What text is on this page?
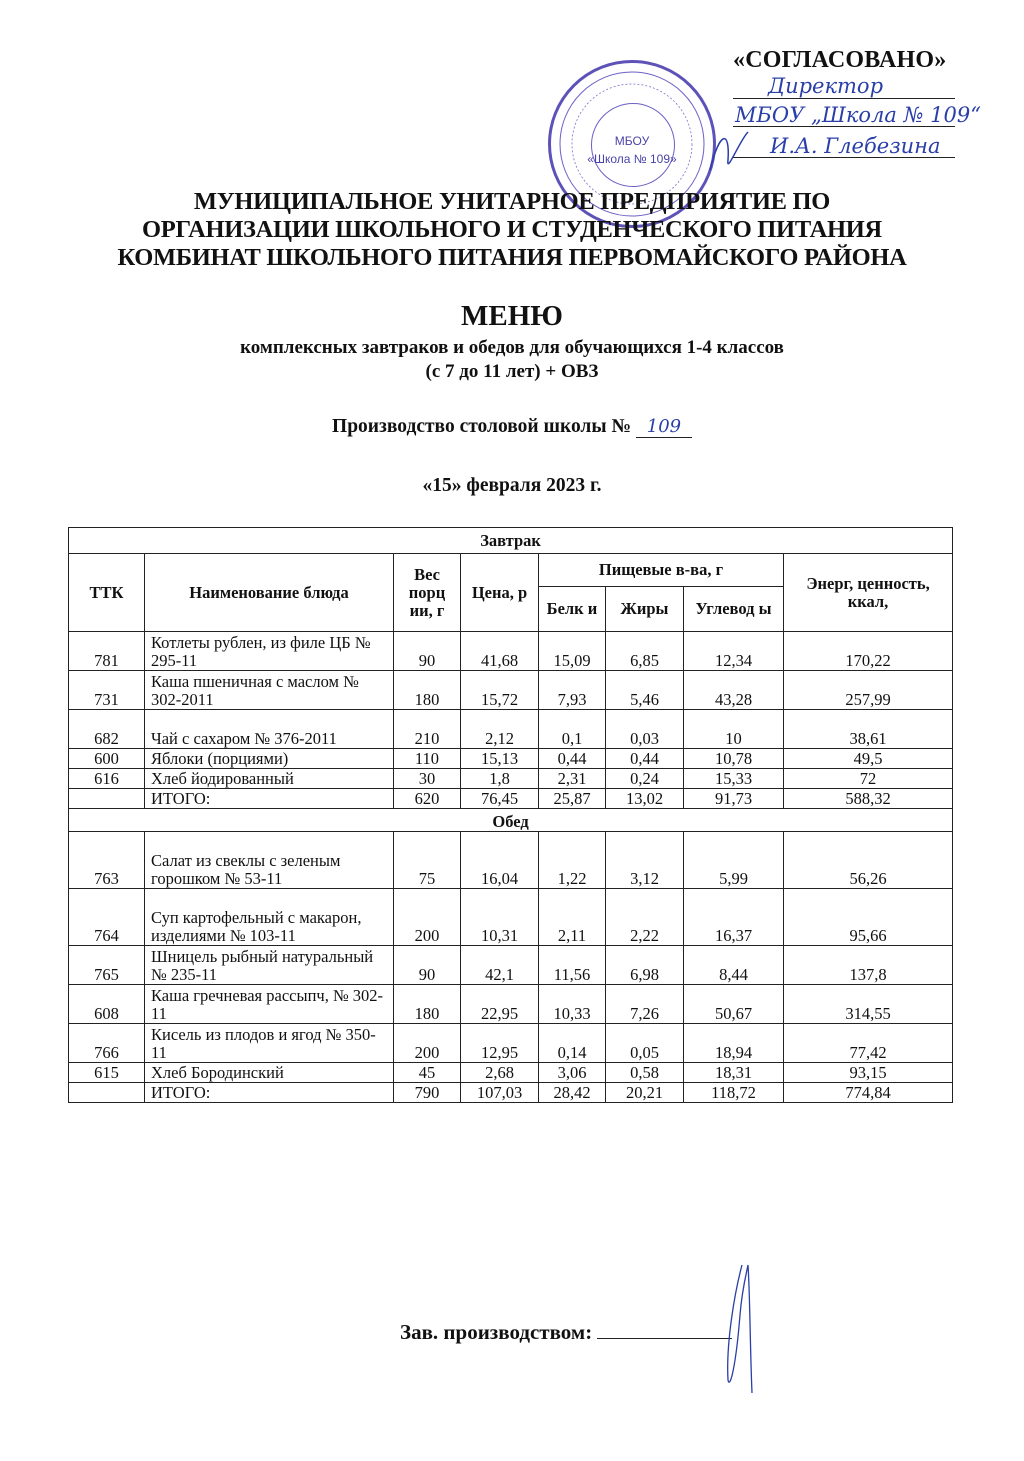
«СОГЛАСОВАНО»
Директор
МБОУ „Школа № 109“
И.А. Глебезина
МБОУ
«Школа № 109»
МУНИЦИПАЛЬНОЕ УНИТАРНОЕ ПРЕДПРИЯТИЕ ПО
ОРГАНИЗАЦИИ ШКОЛЬНОГО И СТУДЕНЧЕСКОГО ПИТАНИЯ
КОМБИНАТ ШКОЛЬНОГО ПИТАНИЯ ПЕРВОМАЙСКОГО РАЙОНА
МЕНЮ
комплексных завтраков и обедов для обучающихся 1-4 классов
(с 7 до 11 лет) + ОВЗ
Производство столовой школы № 109
«15» февраля 2023 г.
Завтрак							
ТТК	Наименование блюда	Вес порц ии, г	Цена, р	Пищевые в-ва, г			Энерг, ценность, ккал,
				Белк и	Жиры	Углевод ы	
781	Котлеты рублен, из филе ЦБ № 295-11	90	41,68	15,09	6,85	12,34	170,22
731	Каша пшеничная с маслом № 302-2011	180	15,72	7,93	5,46	43,28	257,99
682	Чай с сахаром № 376-2011	210	2,12	0,1	0,03	10	38,61
600	Яблоки (порциями)	110	15,13	0,44	0,44	10,78	49,5
616	Хлеб йодированный	30	1,8	2,31	0,24	15,33	72
	ИТОГО:	620	76,45	25,87	13,02	91,73	588,32
Обед							
763	Салат из свеклы с зеленым горошком № 53-11	75	16,04	1,22	3,12	5,99	56,26
764	Суп картофельный с макарон, изделиями № 103-11	200	10,31	2,11	2,22	16,37	95,66
765	Шницель рыбный натуральный № 235-11	90	42,1	11,56	6,98	8,44	137,8
608	Каша гречневая рассыпч, № 302-11	180	22,95	10,33	7,26	50,67	314,55
766	Кисель из плодов и ягод № 350-11	200	12,95	0,14	0,05	18,94	77,42
615	Хлеб Бородинский	45	2,68	3,06	0,58	18,31	93,15
	ИТОГО:	790	107,03	28,42	20,21	118,72	774,84
Зав. производством:
